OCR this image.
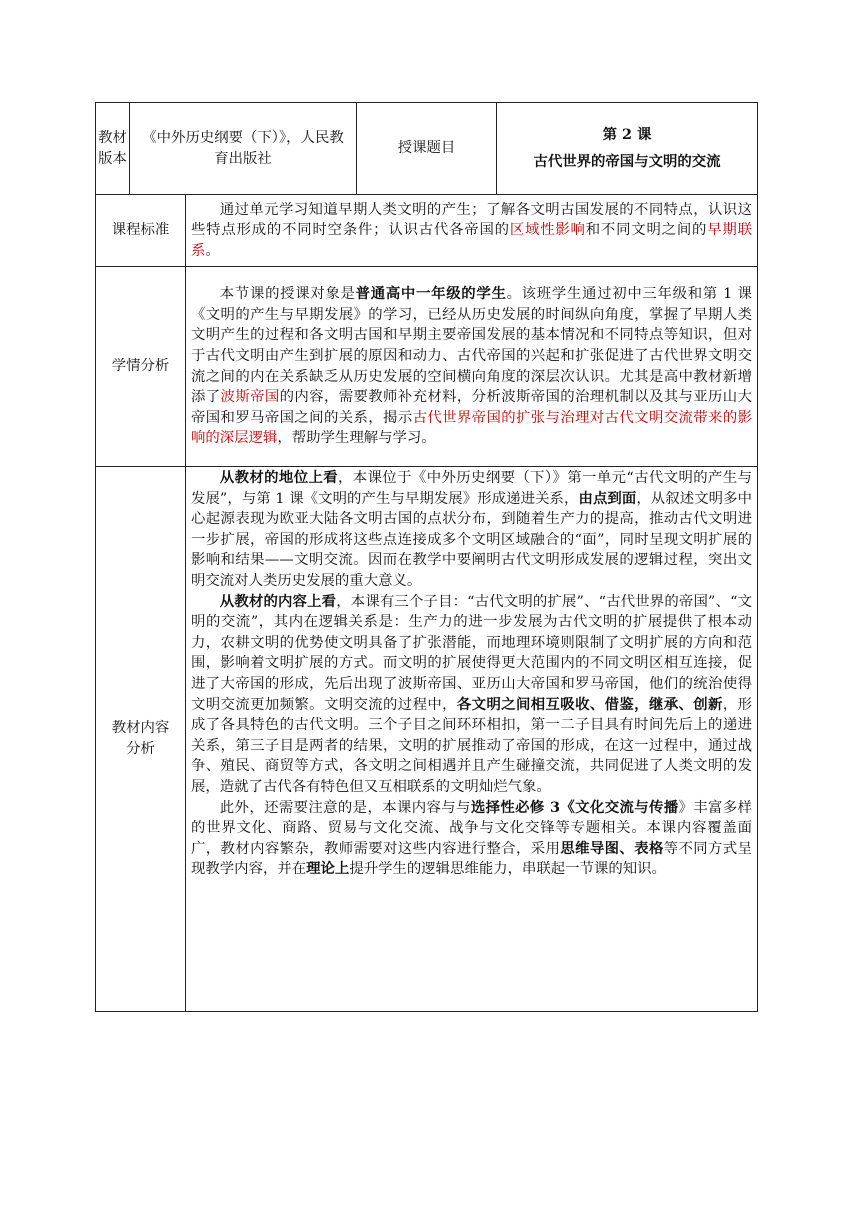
教材版本	《中外历史纲要（下）》，人民教育出版社		授课题目	第 2 课
古代世界的帝国与文明的交流

课程标准		通过单元学习知道早期人类文明的产生；了解各文明古国发展的不同特点，认识这些特点形成的不同时空条件；认识古代各帝国的区域性影响和不同文明之间的早期联系。		

学情分析		本节课的授课对象是普通高中一年级的学生。该班学生通过初中三年级和第 1 课《文明的产生与早期发展》的学习，已经从历史发展的时间纵向角度，掌握了早期人类文明产生的过程和各文明古国和早期主要帝国发展的基本情况和不同特点等知识，但对于古代文明由产生到扩展的原因和动力、古代帝国的兴起和扩张促进了古代世界文明交流之间的内在关系缺乏从历史发展的空间横向角度的深层次认识。尤其是高中教材新增添了波斯帝国的内容，需要教师补充材料，分析波斯帝国的治理机制以及其与亚历山大帝国和罗马帝国之间的关系，揭示古代世界帝国的扩张与治理对古代文明交流带来的影响的深层逻辑，帮助学生理解与学习。		

教材内容分析		从教材的地位上看，本课位于《中外历史纲要（下）》第一单元“古代文明的产生与发展”，与第 1 课《文明的产生与早期发展》形成递进关系，由点到面，从叙述文明多中心起源表现为欧亚大陆各文明古国的点状分布，到随着生产力的提高，推动古代文明进一步扩展，帝国的形成将这些点连接成多个文明区域融合的“面”，同时呈现文明扩展的影响和结果——文明交流。因而在教学中要阐明古代文明形成发展的逻辑过程，突出文明交流对人类历史发展的重大意义。

从教材的内容上看，本课有三个子目：“古代文明的扩展”、“古代世界的帝国”、“文明的交流”，其内在逻辑关系是：生产力的进一步发展为古代文明的扩展提供了根本动力，农耕文明的优势使文明具备了扩张潜能，而地理环境则限制了文明扩展的方向和范围，影响着文明扩展的方式。而文明的扩展使得更大范围内的不同文明区相互连接，促进了大帝国的形成，先后出现了波斯帝国、亚历山大帝国和罗马帝国，他们的统治使得文明交流更加频繁。文明交流的过程中，各文明之间相互吸收、借鉴，继承、创新，形成了各具特色的古代文明。三个子目之间环环相扣，第一二子目具有时间先后上的递进关系，第三子目是两者的结果，文明的扩展推动了帝国的形成，在这一过程中，通过战争、殖民、商贸等方式，各文明之间相遇并且产生碰撞交流，共同促进了人类文明的发展，造就了古代各有特色但又互相联系的文明灿烂气象。

此外，还需要注意的是，本课内容与与选择性必修 3《文化交流与传播》丰富多样的世界文化、商路、贸易与文化交流、战争与文化交锋等专题相关。本课内容覆盖面广，教材内容繁杂，教师需要对这些内容进行整合，采用思维导图、表格等不同方式呈现教学内容，并在理论上提升学生的逻辑思维能力，串联起一节课的知识。		
